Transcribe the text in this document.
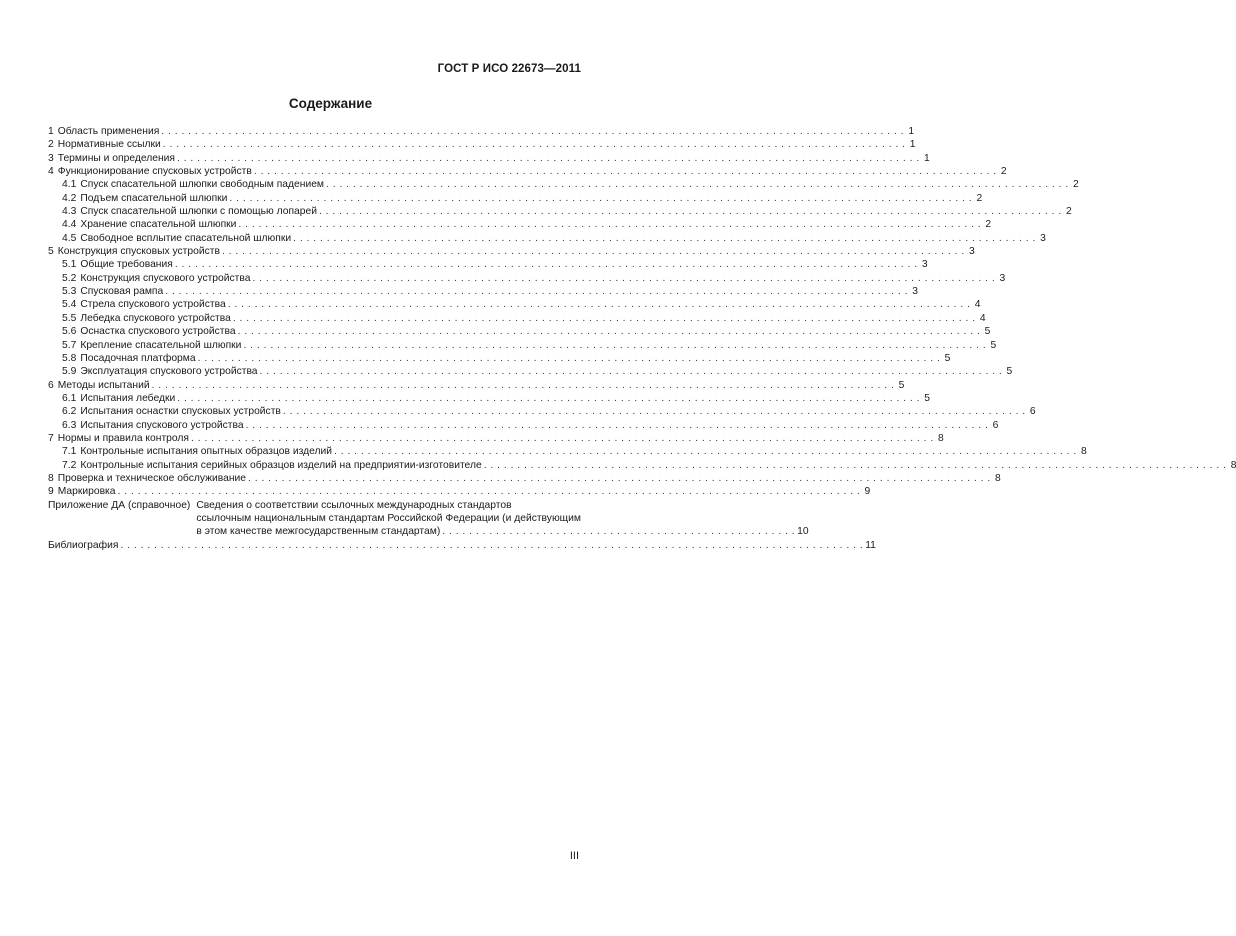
ГОСТ Р ИСО 22673—2011
Содержание
1 Область применения . . .	1
2 Нормативные ссылки . . .	1
3 Термины и определения . . .	1
4 Функционирование спусковых устройств . . .	2
4.1 Спуск спасательной шлюпки свободным падением . . .	2
4.2 Подъем спасательной шлюпки . . .	2
4.3 Спуск спасательной шлюпки с помощью лопарей . . .	2
4.4 Хранение спасательной шлюпки . . .	2
4.5 Свободное всплытие спасательной шлюпки . . .	3
5 Конструкция спусковых устройств . . .	3
5.1 Общие требования . . .	3
5.2 Конструкция спускового устройства . . .	3
5.3 Спусковая рампа . . .	3
5.4 Стрела спускового устройства . . .	4
5.5 Лебедка спускового устройства . . .	4
5.6 Оснастка спускового устройства . . .	5
5.7 Крепление спасательной шлюпки . . .	5
5.8 Посадочная платформа . . .	5
5.9 Эксплуатация спускового устройства . . .	5
6 Методы испытаний . . .	5
6.1 Испытания лебедки . . .	5
6.2 Испытания оснастки спусковых устройств . . .	6
6.3 Испытания спускового устройства . . .	6
7 Нормы и правила контроля . . .	8
7.1 Контрольные испытания опытных образцов изделий . . .	8
7.2 Контрольные испытания серийных образцов изделий на предприятии-изготовителе . . .	8
8 Проверка и техническое обслуживание . . .	8
9 Маркировка . . .	9
Приложение ДА (справочное) Сведения о соответствии ссылочных международных стандартов
ссылочным национальным стандартам Российской Федерации (и действующим
в этом качестве межгосударственным стандартам) . . .	10
Библиография . . .	11
III
